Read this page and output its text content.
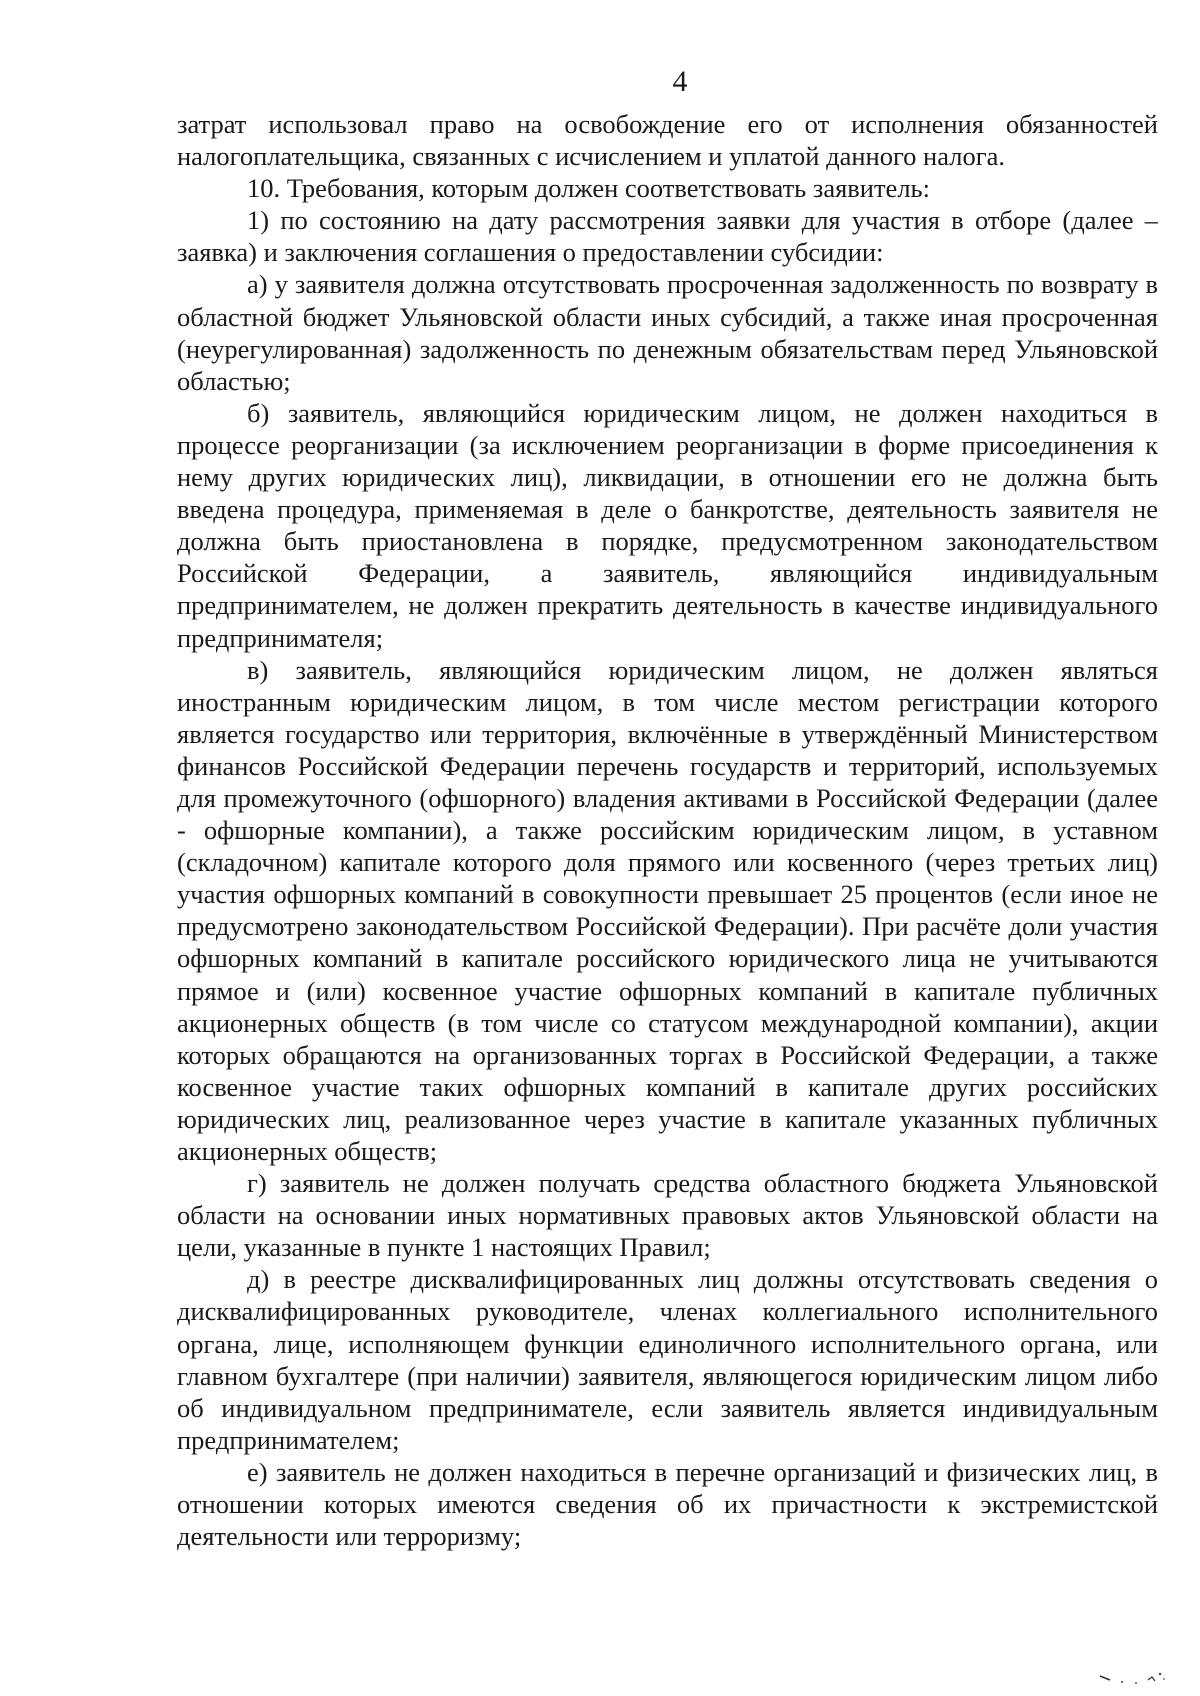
4

затрат использовал право на освобождение его от исполнения обязанностей налогоплательщика, связанных с исчислением и уплатой данного налога.

10. Требования, которым должен соответствовать заявитель:

1) по состоянию на дату рассмотрения заявки для участия в отборе (далее – заявка) и заключения соглашения о предоставлении субсидии:

а) у заявителя должна отсутствовать просроченная задолженность по возврату в областной бюджет Ульяновской области иных субсидий, а также иная просроченная (неурегулированная) задолженность по денежным обязательствам перед Ульяновской областью;

б) заявитель, являющийся юридическим лицом, не должен находиться в процессе реорганизации (за исключением реорганизации в форме присоединения к нему других юридических лиц), ликвидации, в отношении его не должна быть введена процедура, применяемая в деле о банкротстве, деятельность заявителя не должна быть приостановлена в порядке, предусмотренном законодательством Российской Федерации, а заявитель, являющийся индивидуальным предпринимателем, не должен прекратить деятельность в качестве индивидуального предпринимателя;

в) заявитель, являющийся юридическим лицом, не должен являться иностранным юридическим лицом, в том числе местом регистрации которого является государство или территория, включённые в утверждённый Министерством финансов Российской Федерации перечень государств и территорий, используемых для промежуточного (офшорного) владения активами в Российской Федерации (далее - офшорные компании), а также российским юридическим лицом, в уставном (складочном) капитале которого доля прямого или косвенного (через третьих лиц) участия офшорных компаний в совокупности превышает 25 процентов (если иное не предусмотрено законодательством Российской Федерации). При расчёте доли участия офшорных компаний в капитале российского юридического лица не учитываются прямое и (или) косвенное участие офшорных компаний в капитале публичных акционерных обществ (в том числе со статусом международной компании), акции которых обращаются на организованных торгах в Российской Федерации, а также косвенное участие таких офшорных компаний в капитале других российских юридических лиц, реализованное через участие в капитале указанных публичных акционерных обществ;

г) заявитель не должен получать средства областного бюджета Ульяновской области на основании иных нормативных правовых актов Ульяновской области на цели, указанные в пункте 1 настоящих Правил;

д) в реестре дисквалифицированных лиц должны отсутствовать сведения о дисквалифицированных руководителе, членах коллегиального исполнительного органа, лице, исполняющем функции единоличного исполнительного органа, или главном бухгалтере (при наличии) заявителя, являющегося юридическим лицом либо об индивидуальном предпринимателе, если заявитель является индивидуальным предпринимателем;

е) заявитель не должен находиться в перечне организаций и физических лиц, в отношении которых имеются сведения об их причастности к экстремистской деятельности или терроризму;
